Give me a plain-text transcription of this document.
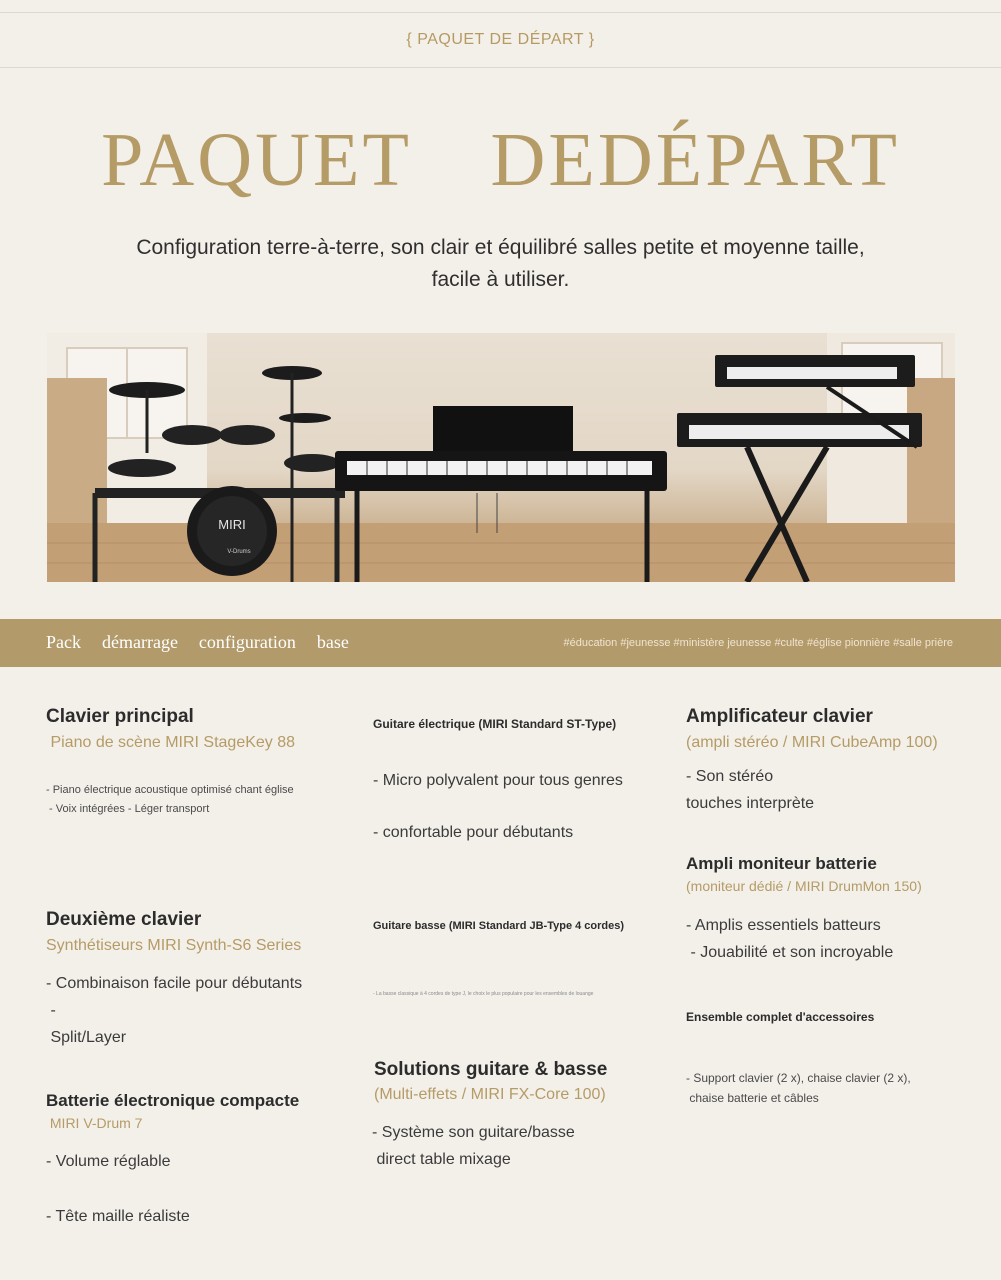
{ PAQUET DE DÉPART }
PAQUET  DEDÉPART
Configuration terre-à-terre, son clair et équilibré salles petite et moyenne taille,
facile à utiliser.
MIRI
V-Drums
Pack  démarrage  configuration  base	#éducation #jeunesse #ministère jeunesse #culte #église pionnière #salle prière
Clavier principal
Piano de scène MIRI StageKey 88
- Piano électrique acoustique optimisé chant église
- Voix intégrées - Léger transport
Deuxième clavier
Synthétiseurs MIRI Synth-S6 Series
- Combinaison facile pour débutants
-
Split/Layer
Batterie électronique compacte
MIRI V-Drum 7
- Volume réglable
- Tête maille réaliste
Guitare électrique (MIRI Standard ST-Type)
- Micro polyvalent pour tous genres
- confortable pour débutants
Guitare basse (MIRI Standard JB-Type 4 cordes)
- La basse classique à 4 cordes de type J, le choix le plus populaire pour les ensembles de louange
Solutions guitare & basse
(Multi-effets / MIRI FX-Core 100)
- Système son guitare/basse
direct table mixage
Amplificateur clavier
(ampli stéréo / MIRI CubeAmp 100)
- Son stéréo
touches interprète
Ampli moniteur batterie
(moniteur dédié / MIRI DrumMon 150)
- Amplis essentiels batteurs
- Jouabilité et son incroyable
Ensemble complet d'accessoires
- Support clavier (2 x), chaise clavier (2 x),
chaise batterie et câbles
